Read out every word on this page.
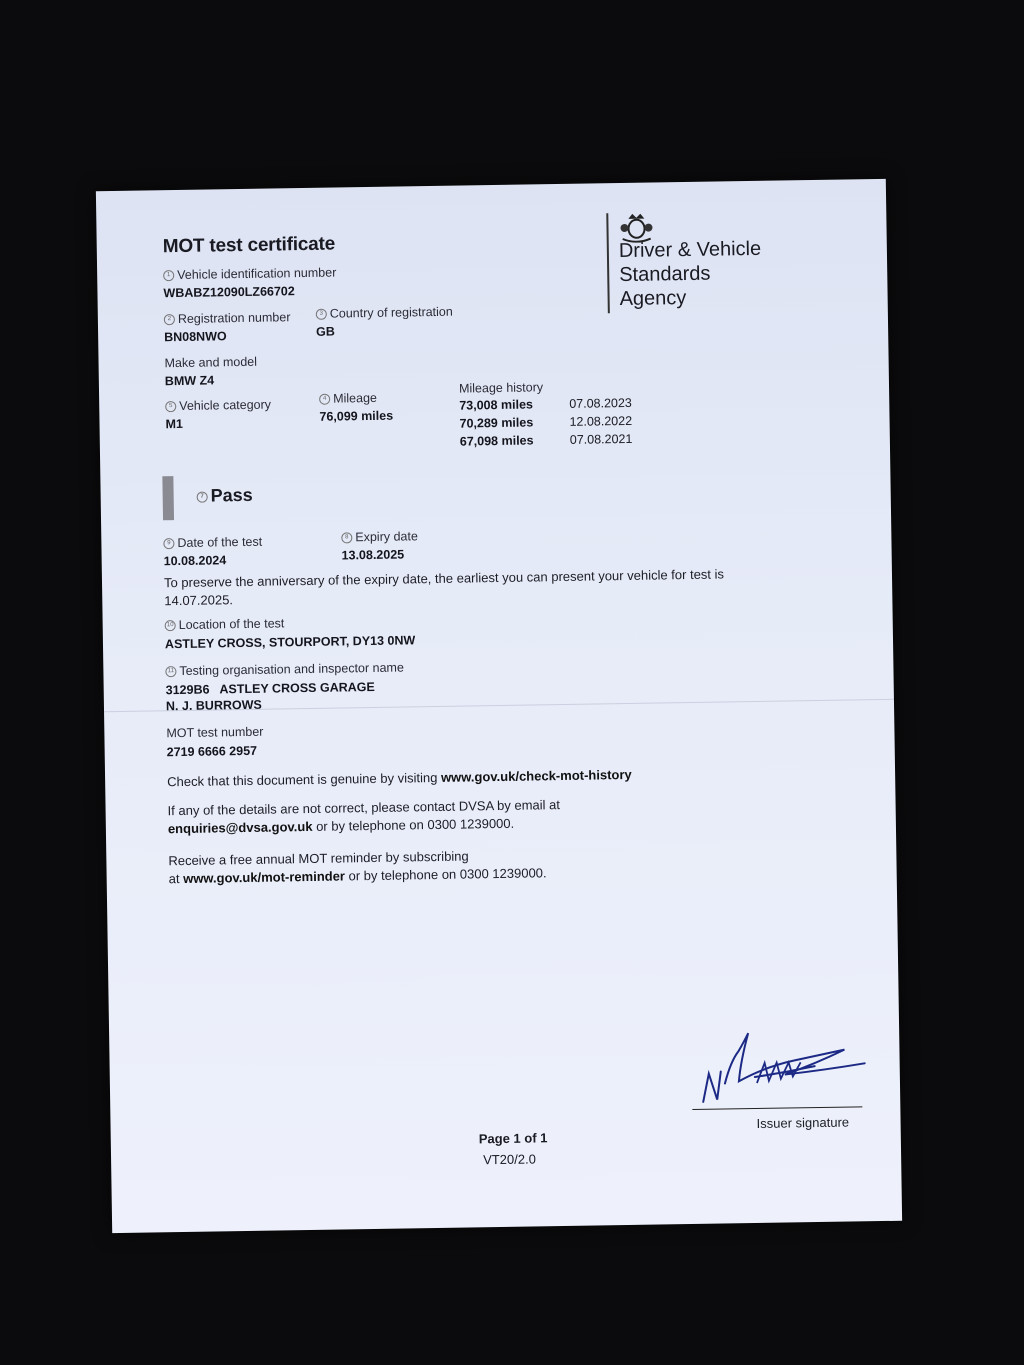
MOT test certificate	Driver & Vehicle
Standards
Agency
1 Vehicle identification number
WBABZ12090LZ66702
2 Registration number
BN08NWO
3 Country of registration
GB
Make and model
BMW Z4
5 Vehicle category
M1
4 Mileage
76,099 miles
Mileage history
73,008 miles	07.08.2023
70,289 miles	12.08.2022
67,098 miles	07.08.2021
7 Pass
9 Date of the test
10.08.2024
8 Expiry date
13.08.2025
To preserve the anniversary of the expiry date, the earliest you can present your vehicle for test is
14.07.2025.
10 Location of the test
ASTLEY CROSS, STOURPORT, DY13 0NW
11 Testing organisation and inspector name
3129B6   ASTLEY CROSS GARAGE
N. J. BURROWS
MOT test number
2719 6666 2957
Check that this document is genuine by visiting www.gov.uk/check-mot-history
If any of the details are not correct, please contact DVSA by email at
enquiries@dvsa.gov.uk or by telephone on 0300 1239000.
Receive a free annual MOT reminder by subscribing
at www.gov.uk/mot-reminder or by telephone on 0300 1239000.
Issuer signature
Page 1 of 1
VT20/2.0
